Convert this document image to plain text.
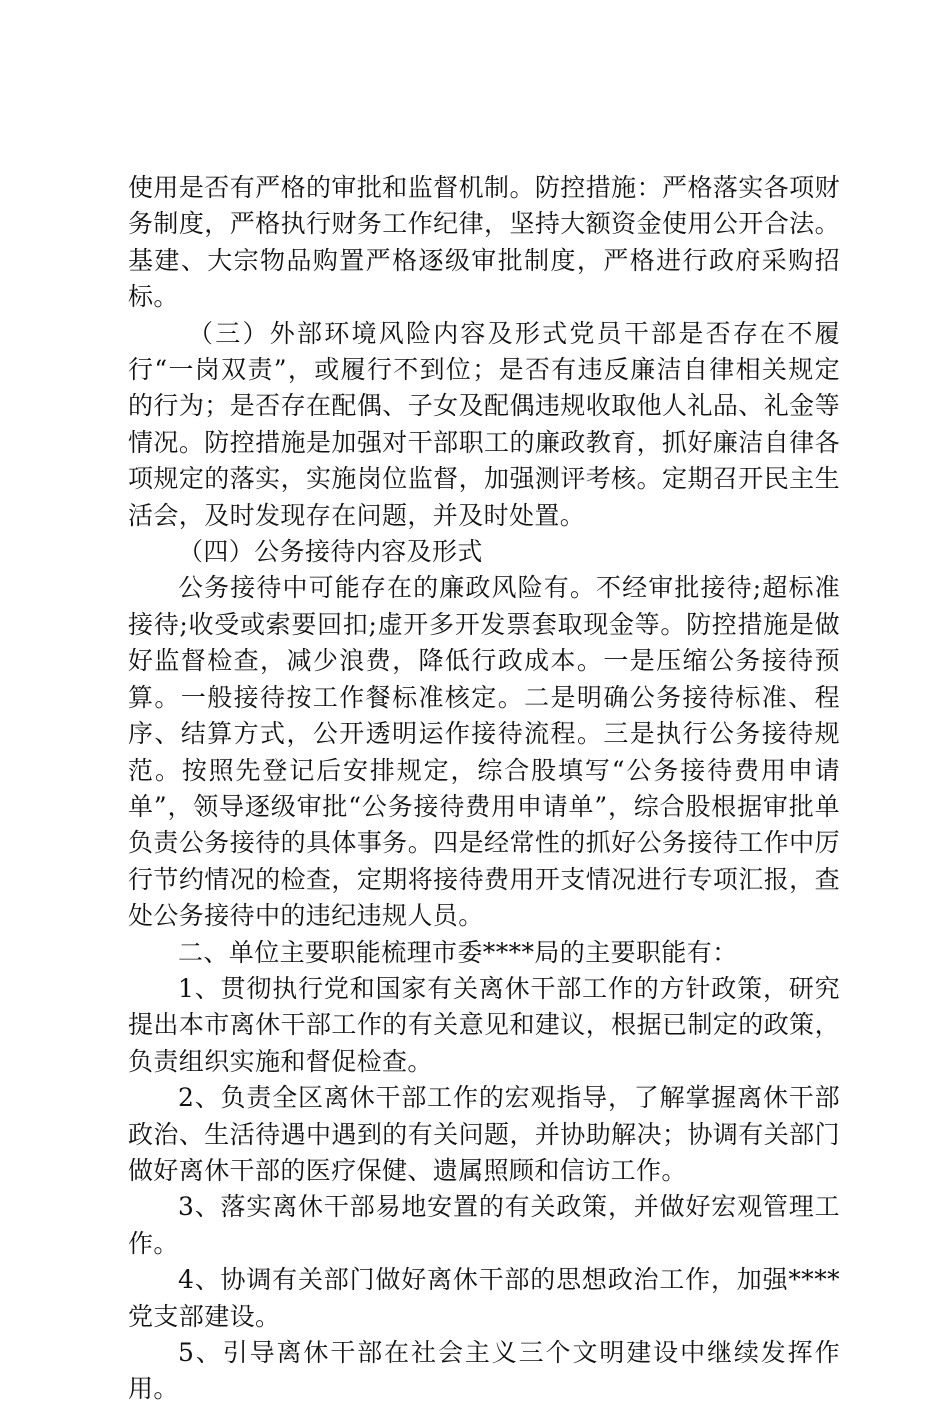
使用是否有严格的审批和监督机制。防控措施：严格落实各项财务制度，严格执行财务工作纪律，坚持大额资金使用公开合法。基建、大宗物品购置严格逐级审批制度，严格进行政府采购招标。

（三）外部环境风险内容及形式党员干部是否存在不履行“一岗双责”，或履行不到位；是否有违反廉洁自律相关规定的行为；是否存在配偶、子女及配偶违规收取他人礼品、礼金等情况。防控措施是加强对干部职工的廉政教育，抓好廉洁自律各项规定的落实，实施岗位监督，加强测评考核。定期召开民主生活会，及时发现存在问题，并及时处置。

（四）公务接待内容及形式

公务接待中可能存在的廉政风险有。不经审批接待;超标准接待;收受或索要回扣;虚开多开发票套取现金等。防控措施是做好监督检查，减少浪费，降低行政成本。一是压缩公务接待预算。一般接待按工作餐标准核定。二是明确公务接待标准、程序、结算方式，公开透明运作接待流程。三是执行公务接待规范。按照先登记后安排规定，综合股填写“公务接待费用申请单”，领导逐级审批“公务接待费用申请单”，综合股根据审批单负责公务接待的具体事务。四是经常性的抓好公务接待工作中厉行节约情况的检查，定期将接待费用开支情况进行专项汇报，查处公务接待中的违纪违规人员。

二、单位主要职能梳理市委****局的主要职能有：

1、贯彻执行党和国家有关离休干部工作的方针政策，研究提出本市离休干部工作的有关意见和建议，根据已制定的政策，负责组织实施和督促检查。

2、负责全区离休干部工作的宏观指导，了解掌握离休干部政治、生活待遇中遇到的有关问题，并协助解决；协调有关部门做好离休干部的医疗保健、遗属照顾和信访工作。

3、落实离休干部易地安置的有关政策，并做好宏观管理工作。

4、协调有关部门做好离休干部的思想政治工作，加强****党支部建设。

5、引导离休干部在社会主义三个文明建设中继续发挥作用。
